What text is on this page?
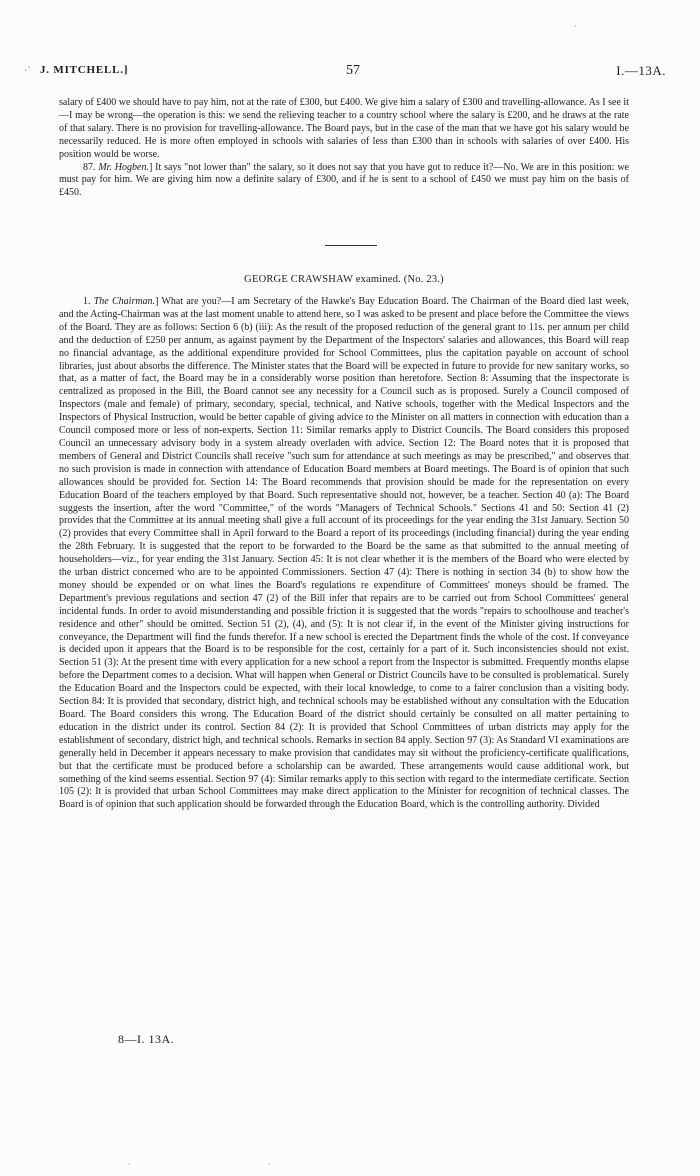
·
·´ J. MITCHELL.]	57	I.—13A.

salary of £400 we should have to pay him, not at the rate of £300, but £400. We give him a salary of £300 and travelling-allowance. As I see it—I may be wrong—the operation is this: we send the relieving teacher to a country school where the salary is £200, and he draws at the rate of that salary. There is no provision for travelling-allowance. The Board pays, but in the case of the man that we have got his salary would be necessarily reduced. He is more often employed in schools with salaries of less than £300 than in schools with salaries of over £400. His position would be worse.

87. Mr. Hogben.] It says "not lower than" the salary, so it does not say that you have got to reduce it?—No. We are in this position: we must pay for him. We are giving him now a definite salary of £300, and if he is sent to a school of £450 we must pay him on the basis of £450.

GEORGE CRAWSHAW examined. (No. 23.)

1. The Chairman.] What are you?—I am Secretary of the Hawke's Bay Education Board. The Chairman of the Board died last week, and the Acting-Chairman was at the last moment unable to attend here, so I was asked to be present and place before the Committee the views of the Board. They are as follows: Section 6 (b) (iii): As the result of the proposed reduction of the general grant to 11s. per annum per child and the deduction of £250 per annum, as against payment by the Department of the Inspectors' salaries and allowances, this Board will reap no financial advantage, as the additional expenditure provided for School Committees, plus the capitation payable on account of school libraries, just about absorbs the difference. The Minister states that the Board will be expected in future to provide for new sanitary works, so that, as a matter of fact, the Board may be in a considerably worse position than heretofore. Section 8: Assuming that the inspectorate is centralized as proposed in the Bill, the Board cannot see any necessity for a Council such as is proposed. Surely a Council composed of Inspectors (male and female) of primary, secondary, special, technical, and Native schools, together with the Medical Inspectors and the Inspectors of Physical Instruction, would be better capable of giving advice to the Minister on all matters in connection with education than a Council composed more or less of non-experts. Section 11: Similar remarks apply to District Councils. The Board considers this proposed Council an unnecessary advisory body in a system already overladen with advice. Section 12: The Board notes that it is proposed that members of General and District Councils shall receive "such sum for attendance at such meetings as may be prescribed," and observes that no such provision is made in connection with attendance of Education Board members at Board meetings. The Board is of opinion that such allowances should be provided for. Section 14: The Board recommends that provision should be made for the representation on every Education Board of the teachers employed by that Board. Such representative should not, however, be a teacher. Section 40 (a): The Board suggests the insertion, after the word "Committee," of the words "Managers of Technical Schools." Sections 41 and 50: Section 41 (2) provides that the Committee at its annual meeting shall give a full account of its proceedings for the year ending the 31st January. Section 50 (2) provides that every Committee shall in April forward to the Board a report of its proceedings (including financial) during the year ending the 28th February. It is suggested that the report to be forwarded to the Board be the same as that submitted to the annual meeting of householders—viz., for year ending the 31st January. Section 45: It is not clear whether it is the members of the Board who were elected by the urban district concerned who are to be appointed Commissioners. Section 47 (4): There is nothing in section 34 (b) to show how the money should be expended or on what lines the Board's regulations re expenditure of Committees' moneys should be framed. The Department's previous regulations and section 47 (2) of the Bill infer that repairs are to be carried out from School Committees' general incidental funds. In order to avoid misunderstanding and possible friction it is suggested that the words "repairs to schoolhouse and teacher's residence and other" should be omitted. Section 51 (2), (4), and (5): It is not clear if, in the event of the Minister giving instructions for conveyance, the Department will find the funds therefor. If a new school is erected the Department finds the whole of the cost. If conveyance is decided upon it appears that the Board is to be responsible for the cost, certainly for a part of it. Such inconsistencies should not exist. Section 51 (3): At the present time with every application for a new school a report from the Inspector is submitted. Frequently months elapse before the Department comes to a decision. What will happen when General or District Councils have to be consulted is problematical. Surely the Education Board and the Inspectors could be expected, with their local knowledge, to come to a fairer conclusion than a visiting body. Section 84: It is provided that secondary, district high, and technical schools may be established without any consultation with the Education Board. The Board considers this wrong. The Education Board of the district should certainly be consulted on all matter pertaining to education in the district under its control. Section 84 (2): It is provided that School Committees of urban districts may apply for the establishment of secondary, district high, and technical schools. Remarks in section 84 apply. Section 97 (3): As Standard VI examinations are generally held in December it appears necessary to make provision that candidates may sit without the proficiency-certificate qualifications, but that the certificate must be produced before a scholarship can be awarded. These arrangements would cause additional work, but something of the kind seems essential. Section 97 (4): Similar remarks apply to this section with regard to the intermediate certificate. Section 105 (2): It is provided that urban School Committees may make direct application to the Minister for recognition of technical classes. The Board is of opinion that such application should be forwarded through the Education Board, which is the controlling authority. Divided

8—I. 13A.
·	·
